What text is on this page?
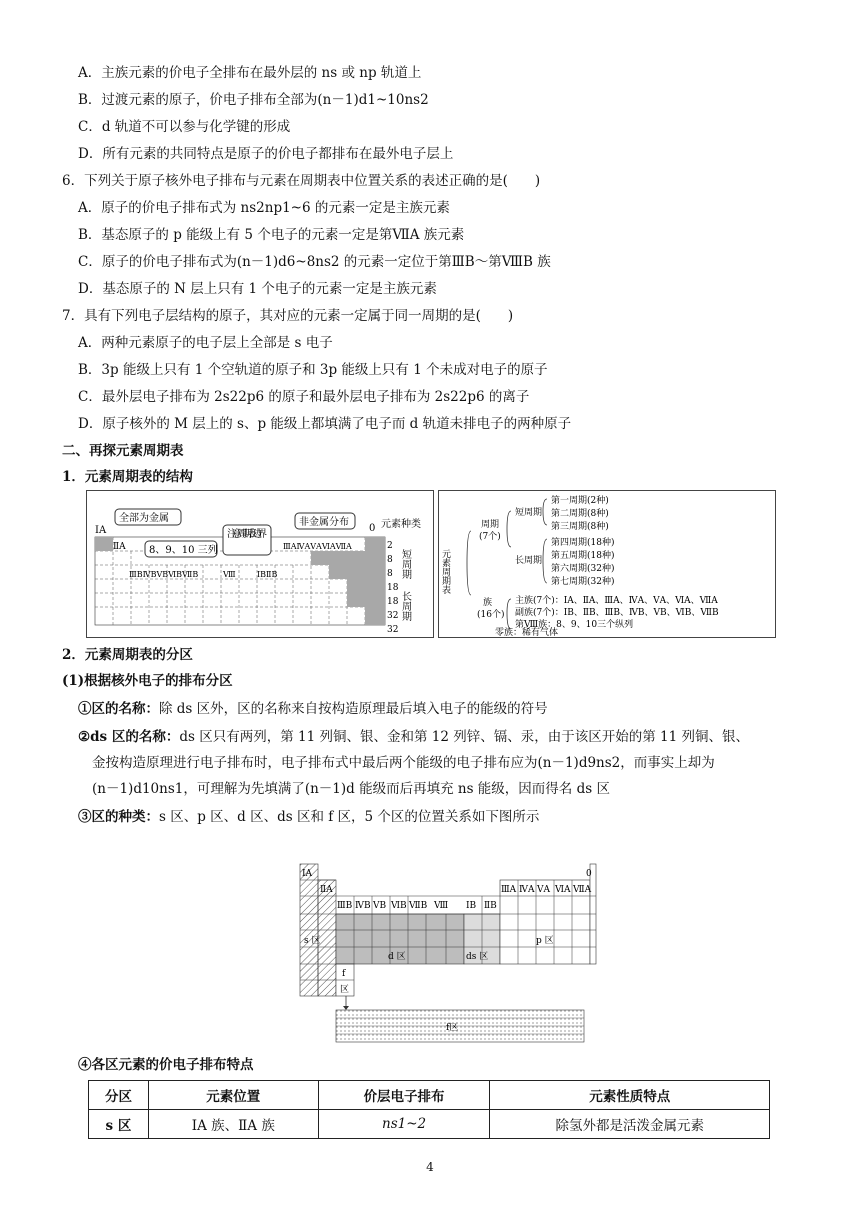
A．主族元素的价电子全排布在最外层的 ns 或 np 轨道上
B．过渡元素的原子，价电子排布全部为(n－1)d1~10ns2
C．d 轨道不可以参与化学键的形成
D．所有元素的共同特点是原子的价电子都排布在最外电子层上
6．下列关于原子核外电子排布与元素在周期表中位置关系的表述正确的是(　　)
A．原子的价电子排布式为 ns2np1~6 的元素一定是主族元素
B．基态原子的 p 能级上有 5 个电子的元素一定是第ⅦA 族元素
C．原子的价电子排布式为(n－1)d6~8ns2 的元素一定位于第ⅢB～第ⅧB 族
D．基态原子的 N 层上只有 1 个电子的元素一定是主族元素
7．具有下列电子层结构的原子，其对应的元素一定属于同一周期的是(　　)
A．两种元素原子的电子层上全部是 s 电子
B．3p 能级上只有 1 个空轨道的原子和 3p 能级上只有 1 个未成对电子的原子
C．最外层电子排布为 2s22p6 的原子和最外层电子排布为 2s22p6 的离子
D．原子核外的 M 层上的 s、p 能级上都填满了电子而 d 轨道未排电子的两种原子
二、再探元素周期表
1．元素周期表的结构
ⅠA
ⅡA
全部为金属
8、9、10 三列
注意周期表边界
非金属分布
ⅢAⅣAⅤAⅥAⅦA
0 元素种类
ⅢBⅣBⅤBⅥBⅦB	Ⅷ	ⅠBⅡB
2
8
8
18
18
32
32
短周期
长周期
元素周期表
周期
(7个)
短周期
长周期
第一周期(2种)
第二周期(8种)
第三周期(8种)
第四周期(18种)
第五周期(18种)
第六周期(32种)
第七周期(32种)
族
(16个)
主族(7个)：ⅠA、ⅡA、ⅢA、ⅣA、ⅤA、ⅥA、ⅦA
副族(7个)：ⅠB、ⅡB、ⅢB、ⅣB、ⅤB、ⅥB、ⅦB
第Ⅷ族：8、9、10三个纵列
零族：稀有气体
2．元素周期表的分区
(1)根据核外电子的排布分区
①区的名称：除 ds 区外，区的名称来自按构造原理最后填入电子的能级的符号
②ds 区的名称：ds 区只有两列，第 11 列铜、银、金和第 12 列锌、镉、汞，由于该区开始的第 11 列铜、银、
金按构造原理进行电子排布时，电子排布式中最后两个能级的电子排布应为(n－1)d9ns2，而事实上却为
(n－1)d10ns1，可理解为先填满了(n－1)d 能级而后再填充 ns 能级，因而得名 ds 区
③区的种类：s 区、p 区、d 区、ds 区和 f 区，5 个区的位置关系如下图所示
ⅠA
ⅡA	ⅢA ⅣA ⅤA ⅥA ⅦA
0
ⅢB ⅣB ⅤB ⅥB ⅦB Ⅷ ⅠB ⅡB
s 区
d 区	ds 区
p 区
f
区
f区
④各区元素的价电子排布特点
分区	元素位置	价层电子排布	元素性质特点
s 区	ⅠA 族、ⅡA 族	ns1~2	除氢外都是活泼金属元素
4
